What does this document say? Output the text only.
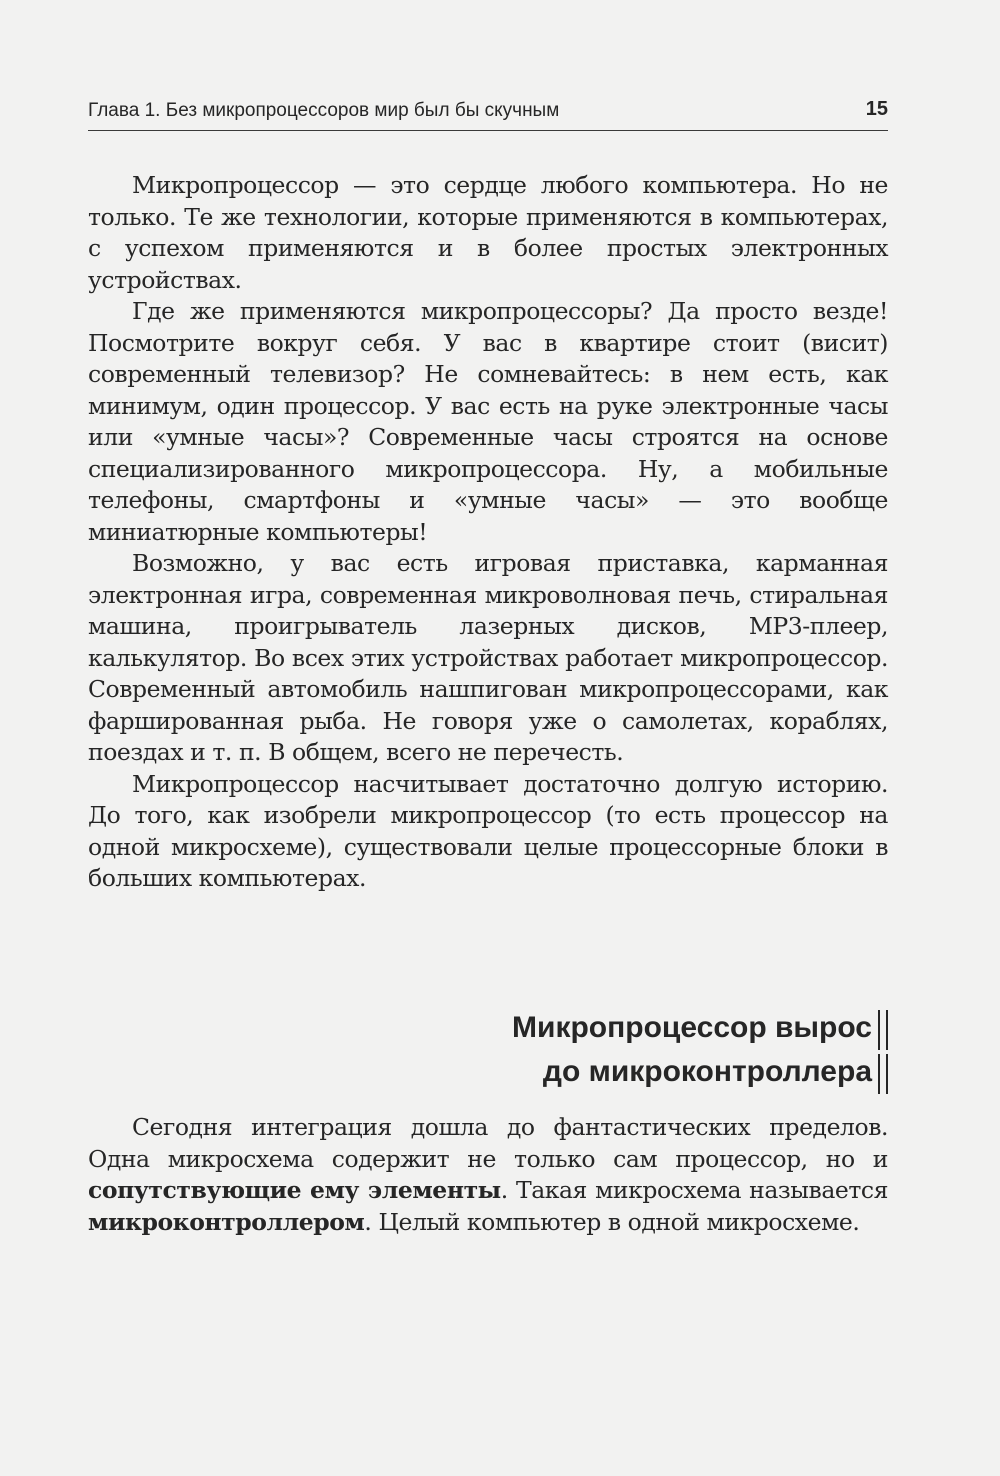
Глава 1. Без микропроцессоров мир был бы скучным	15

Микропроцессор — это сердце любого компьютера. Но не только. Те же технологии, которые применяются в компьютерах, с успехом применяются и в более простых электронных устройствах.

Где же применяются микропроцессоры? Да просто везде! Посмотрите вокруг себя. У вас в квартире стоит (висит) современный телевизор? Не сомневайтесь: в нем есть, как минимум, один процессор. У вас есть на руке электронные часы или «умные часы»? Современные часы строятся на основе специализированного микропроцессора. Ну, а мобильные телефоны, смартфоны и «умные часы» — это вообще миниатюрные компьютеры!

Возможно, у вас есть игровая приставка, карманная электронная игра, современная микроволновая печь, стиральная машина, проигрыватель лазерных дисков, MP3-плеер, калькулятор. Во всех этих устройствах работает микропроцессор. Современный автомобиль нашпигован микропроцессорами, как фаршированная рыба. Не говоря уже о самолетах, кораблях, поездах и т. п. В общем, всего не перечесть.

Микропроцессор насчитывает достаточно долгую историю. До того, как изобрели микропроцессор (то есть процессор на одной микросхеме), существовали целые процессорные блоки в больших компьютерах.

Микропроцессор вырос
до микроконтроллера

Сегодня интеграция дошла до фантастических пределов. Одна микросхема содержит не только сам процессор, но и сопутствующие ему элементы. Такая микросхема называется микроконтроллером. Целый компьютер в одной микросхеме.
